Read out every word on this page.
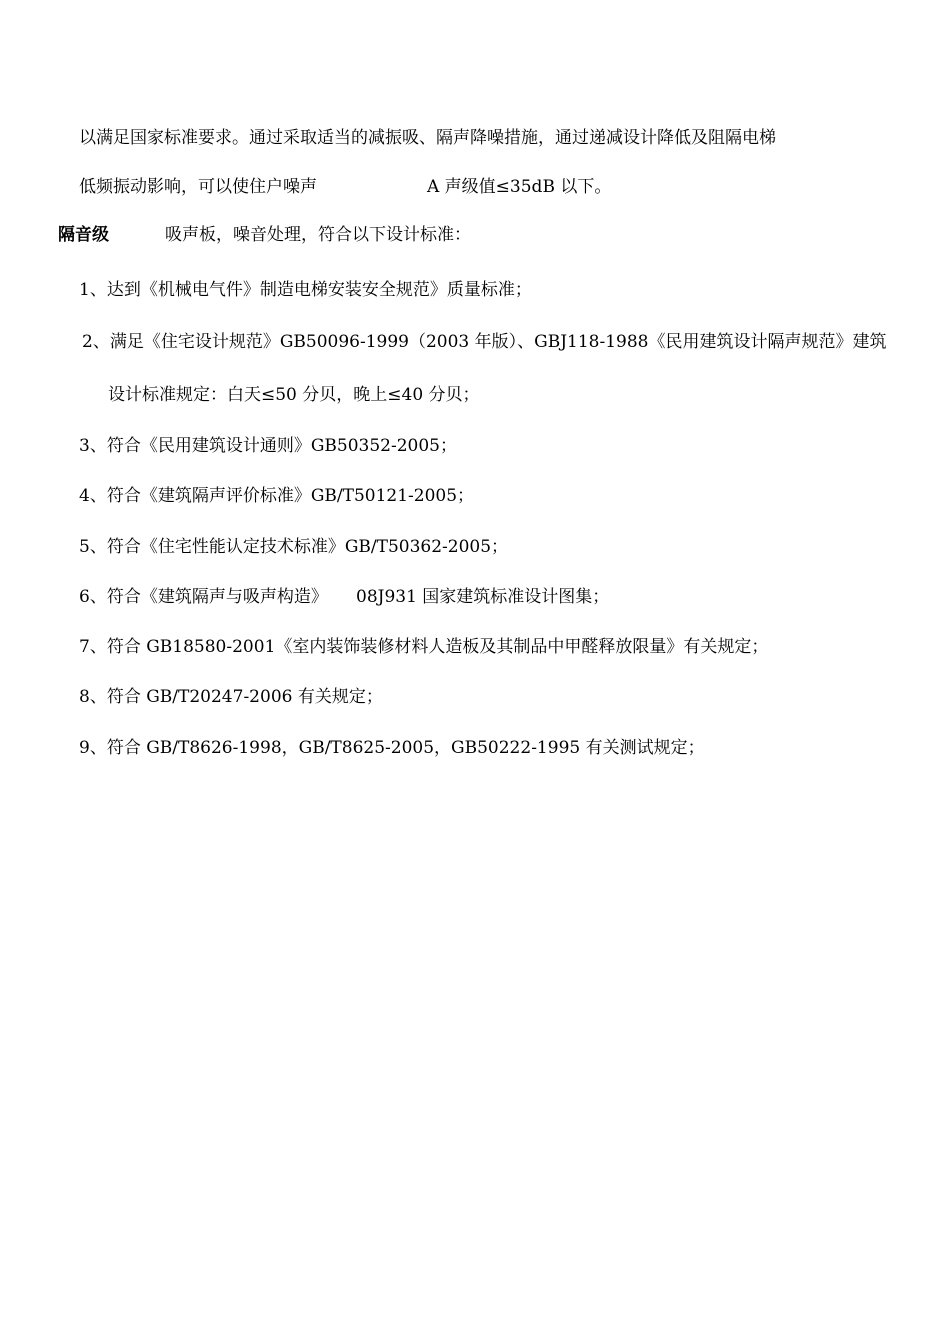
以满足国家标准要求。通过采取适当的减振吸、隔声降噪措施，通过递减设计降低及阻隔电梯
低频振动影响，可以使住户噪声	A 声级值≤35dB 以下。
隔音级	吸声板，噪音处理，符合以下设计标准：
1、达到《机械电气件》制造电梯安装安全规范》质量标准；
2、满足《住宅设计规范》GB50096-1999（2003 年版）、GBJ118-1988《民用建筑设计隔声规范》建筑
设计标准规定：白天≤50 分贝，晚上≤40 分贝；
3、符合《民用建筑设计通则》GB50352-2005；
4、符合《建筑隔声评价标准》GB/T50121-2005；
5、符合《住宅性能认定技术标准》GB/T50362-2005；
6、符合《建筑隔声与吸声构造》 08J931 国家建筑标准设计图集；
7、符合 GB18580-2001《室内装饰装修材料人造板及其制品中甲醛释放限量》有关规定；
8、符合 GB/T20247-2006 有关规定；
9、符合 GB/T8626-1998，GB/T8625-2005，GB50222-1995 有关测试规定；
